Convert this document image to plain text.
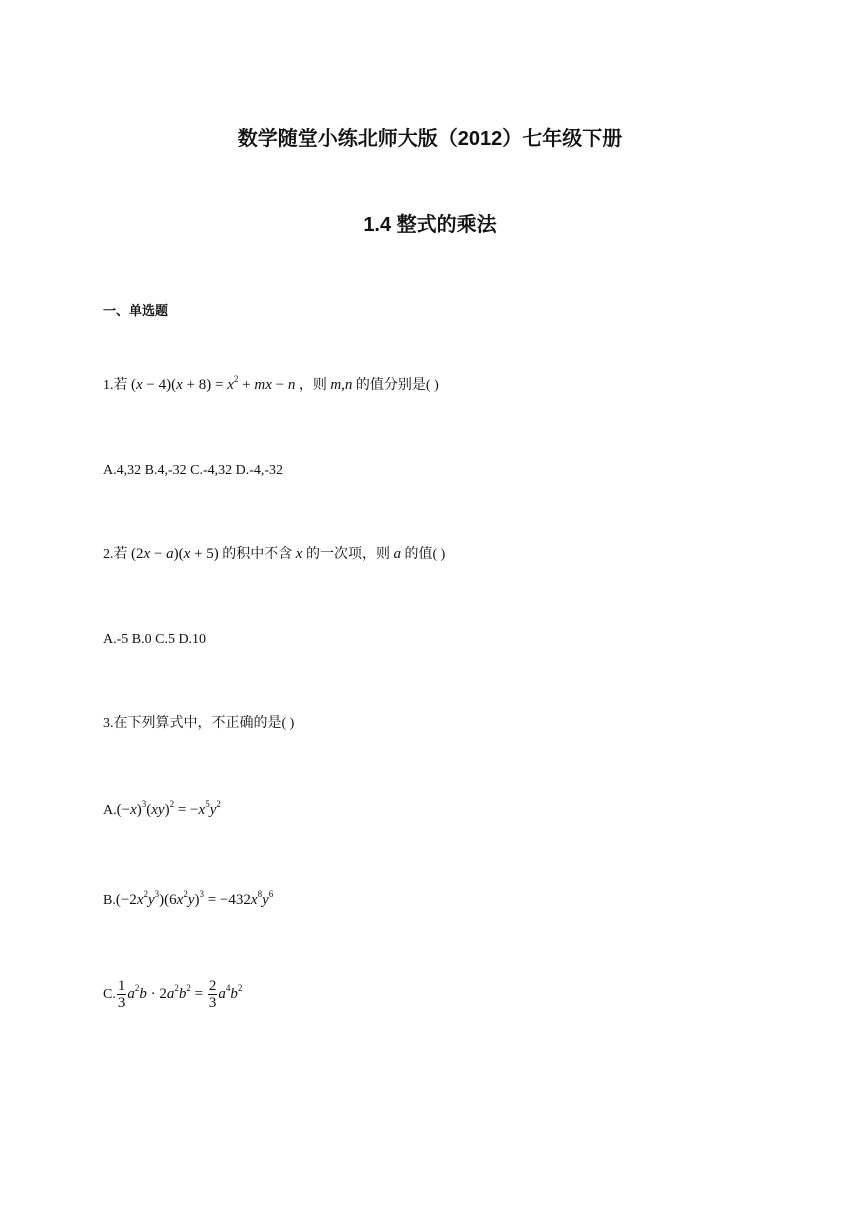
数学随堂小练北师大版（2012）七年级下册
1.4 整式的乘法
一、单选题
1.若 $(x - 4)(x + 8) = x^2$ + mx − n ，则 m,n 的值分别是( )
A.4,32 B.4,-32 C.-4,32 D.-4,-32
2.若 (2x − a)(x + 5) 的积中不含 x 的一次项，则 a 的值( )
A.-5 B.0 C.5 D.10
3.在下列算式中，不正确的是( )
$A.(-x)^3(xy)^2 = -x^5y^2$
$B.(-2x^2y^3)(6x^2y)^3 = -432x^8y^6$
C. $\frac{1}{3} a^2b \cdot 2a^2b^2 = \frac{2}{3} a^4b^2$
